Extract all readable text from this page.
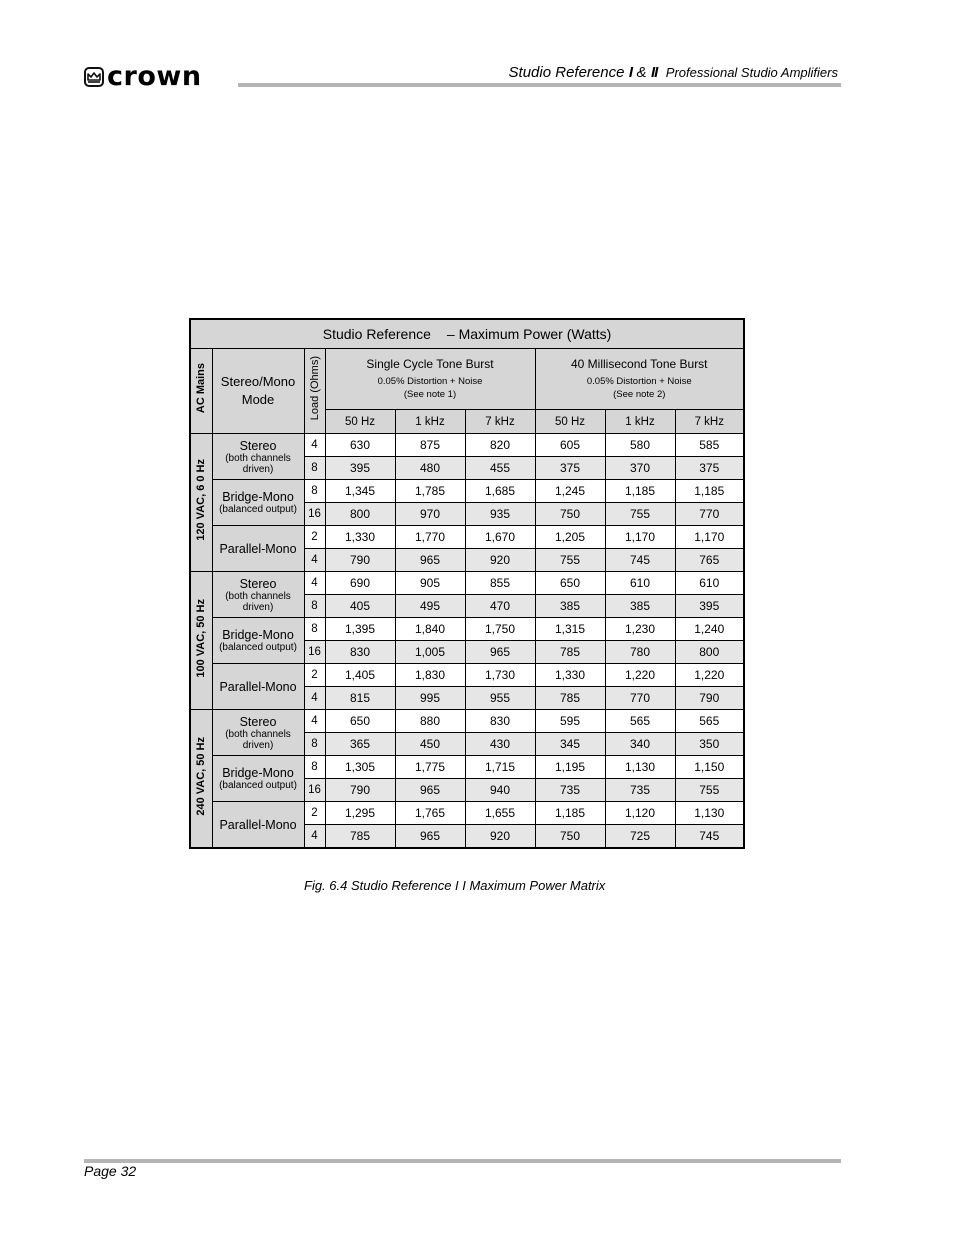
crown	Studio Reference I & II Professional Studio Amplifiers
Studio Reference – Maximum Power (Watts)								
AC Mains	Stereo/Mono Mode	Load (Ohms)	Single Cycle Tone Burst
0.05% Distortion + Noise
(See note 1)			40 Millisecond Tone Burst
0.05% Distortion + Noise
(See note 2)		

			50 Hz	1 kHz	7 kHz	50 Hz	1 kHz	7 kHz
120 VAC, 6 0 Hz	Stereo
(both channels
driven)	4	630	875	820	605	580	585
		8	395	480	455	375	370	375
	Bridge-Mono
(balanced output)	8	1,345	1,785	1,685	1,245	1,185	1,185
		16	800	970	935	750	755	770
	Parallel-Mono	2	1,330	1,770	1,670	1,205	1,170	1,170
		4	790	965	920	755	745	765
100 VAC, 50 Hz	Stereo
(both channels
driven)	4	690	905	855	650	610	610
		8	405	495	470	385	385	395
	Bridge-Mono
(balanced output)	8	1,395	1,840	1,750	1,315	1,230	1,240
		16	830	1,005	965	785	780	800
	Parallel-Mono	2	1,405	1,830	1,730	1,330	1,220	1,220
		4	815	995	955	785	770	790
240 VAC, 50 Hz	Stereo
(both channels
driven)	4	650	880	830	595	565	565
		8	365	450	430	345	340	350
	Bridge-Mono
(balanced output)	8	1,305	1,775	1,715	1,195	1,130	1,150
		16	790	965	940	735	735	755
	Parallel-Mono	2	1,295	1,765	1,655	1,185	1,120	1,130
		4	785	965	920	750	725	745
Fig. 6.4 Studio Reference I I Maximum Power Matrix
Page 32
